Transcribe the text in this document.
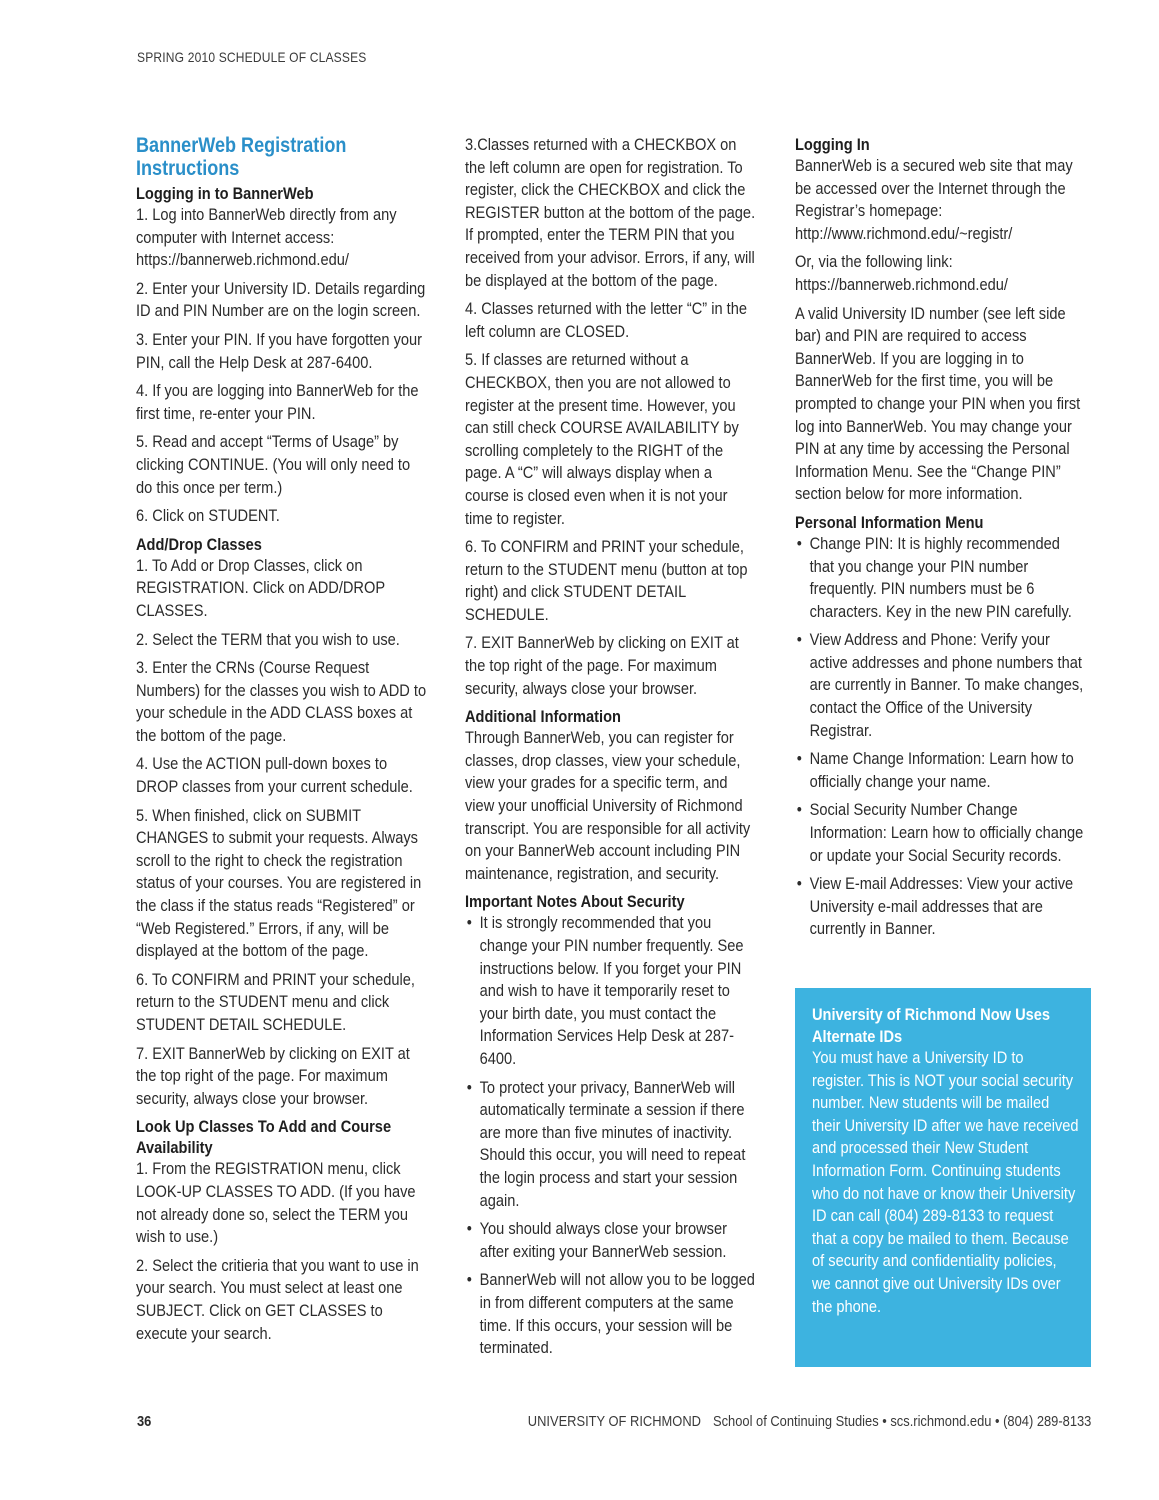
SPRING 2010 SCHEDULE OF CLASSES
BannerWeb Registration Instructions
Logging in to BannerWeb

1. Log into BannerWeb directly from any computer with Internet access: https://bannerweb.richmond.edu/

2. Enter your University ID. Details regarding ID and PIN Number are on the login screen.

3. Enter your PIN. If you have forgotten your PIN, call the Help Desk at 287-6400.

4. If you are logging into BannerWeb for the first time, re-enter your PIN.

5. Read and accept “Terms of Usage” by clicking CONTINUE. (You will only need to do this once per term.)

6. Click on STUDENT.

Add/Drop Classes

1. To Add or Drop Classes, click on REGISTRATION. Click on ADD/DROP CLASSES.

2. Select the TERM that you wish to use.

3. Enter the CRNs (Course Request Numbers) for the classes you wish to ADD to your schedule in the ADD CLASS boxes at the bottom of the page.

4. Use the ACTION pull-down boxes to DROP classes from your current schedule.

5. When finished, click on SUBMIT CHANGES to submit your requests. Always scroll to the right to check the registration status of your courses. You are registered in the class if the status reads “Registered” or “Web Registered.” Errors, if any, will be displayed at the bottom of the page.

6. To CONFIRM and PRINT your schedule, return to the STUDENT menu and click STUDENT DETAIL SCHEDULE.

7. EXIT BannerWeb by clicking on EXIT at the top right of the page. For maximum security, always close your browser.

Look Up Classes To Add and Course Availability

1. From the REGISTRATION menu, click LOOK-UP CLASSES TO ADD. (If you have not already done so, select the TERM you wish to use.)

2. Select the critieria that you want to use in your search. You must select at least one SUBJECT. Click on GET CLASSES to execute your search.

3.Classes returned with a CHECKBOX on the left column are open for registration. To register, click the CHECKBOX and click the REGISTER button at the bottom of the page. If prompted, enter the TERM PIN that you received from your advisor. Errors, if any, will be displayed at the bottom of the page.

4. Classes returned with the letter “C” in the left column are CLOSED.

5. If classes are returned without a CHECKBOX, then you are not allowed to register at the present time. However, you can still check COURSE AVAILABILITY by scrolling completely to the RIGHT of the page. A “C” will always display when a course is closed even when it is not your time to register.

6. To CONFIRM and PRINT your schedule, return to the STUDENT menu (button at top right) and click STUDENT DETAIL SCHEDULE.

7. EXIT BannerWeb by clicking on EXIT at the top right of the page. For maximum security, always close your browser.

Additional Information

Through BannerWeb, you can register for classes, drop classes, view your schedule, view your grades for a specific term, and view your unofficial University of Richmond transcript. You are responsible for all activity on your BannerWeb account including PIN maintenance, registration, and security.

Important Notes About Security
• It is strongly recommended that you change your PIN number frequently. See instructions below. If you forget your PIN and wish to have it temporarily reset to your birth date, you must contact the Information Services Help Desk at 287-6400.
• To protect your privacy, BannerWeb will automatically terminate a session if there are more than five minutes of inactivity. Should this occur, you will need to repeat the login process and start your session again.
• You should always close your browser after exiting your BannerWeb session.
• BannerWeb will not allow you to be logged in from different computers at the same time. If this occurs, your session will be terminated.
Logging In

BannerWeb is a secured web site that may be accessed over the Internet through the Registrar’s homepage: http://www.richmond.edu/~registr/

Or, via the following link: https://bannerweb.richmond.edu/

A valid University ID number (see left side bar) and PIN are required to access BannerWeb. If you are logging in to BannerWeb for the first time, you will be prompted to change your PIN when you first log into BannerWeb. You may change your PIN at any time by accessing the Personal Information Menu. See the “Change PIN” section below for more information.

Personal Information Menu
• Change PIN: It is highly recommended that you change your PIN number frequently. PIN numbers must be 6 characters. Key in the new PIN carefully.
• View Address and Phone: Verify your active addresses and phone numbers that are currently in Banner. To make changes, contact the Office of the University Registrar.
• Name Change Information: Learn how to officially change your name.
• Social Security Number Change Information: Learn how to officially change or update your Social Security records.
• View E-mail Addresses: View your active University e-mail addresses that are currently in Banner.
University of Richmond Now Uses Alternate IDs

You must have a University ID to register. This is NOT your social security number. New students will be mailed their University ID after we have received and processed their New Student Information Form. Continuing students who do not have or know their University ID can call (804) 289-8133 to request that a copy be mailed to them. Because of security and confidentiality policies, we cannot give out University IDs over the phone.

36	UNIVERSITY OF RICHMOND School of Continuing Studies • scs.richmond.edu • (804) 289-8133
